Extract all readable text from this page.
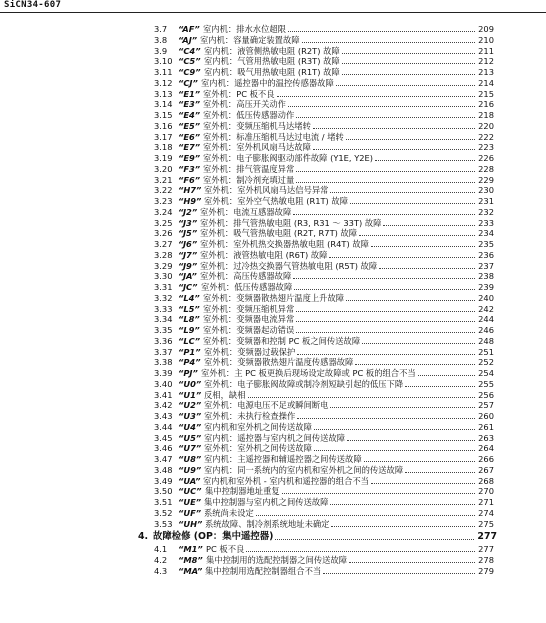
SiCN34-607
3.7 “AF” 室内机：排水水位超限	209
3.8 “AJ” 室内机：容量确定装置故障	210
3.9 “C4” 室内机：液管侧热敏电阻 (R2T) 故障	211
3.10 “C5” 室内机：气管用热敏电阻 (R3T) 故障	212
3.11 “C9” 室内机：吸气用热敏电阻 (R1T) 故障	213
3.12 “CJ” 室内机：遥控器中的温控传感器故障	214
3.13 “E1” 室外机：PC 板不良	215
3.14 “E3” 室外机：高压开关动作	216
3.15 “E4” 室外机：低压传感器动作	218
3.16 “E5” 室外机：变频压缩机马达堵转	220
3.17 “E6” 室外机：标准压缩机马达过电流 / 堵转	222
3.18 “E7” 室外机：室外机风扇马达故障	223
3.19 “E9” 室外机：电子膨胀阀驱动部件故障 (Y1E, Y2E)	226
3.20 “F3” 室外机：排气管温度异常	228
3.21 “F6” 室外机：制冷剂充填过量	229
3.22 “H7” 室外机：室外机风扇马达信号异常	230
3.23 “H9” 室外机：室外空气热敏电阻 (R1T) 故障	231
3.24 “J2” 室外机：电流互感器故障	232
3.25 “J3” 室外机：排气管热敏电阻 (R3, R31 ～ 33T) 故障	233
3.26 “J5” 室外机：吸气管热敏电阻 (R2T, R7T) 故障	234
3.27 “J6” 室外机：室外机热交换器热敏电阻 (R4T) 故障	235
3.28 “J7” 室外机：液管热敏电阻 (R6T) 故障	236
3.29 “J9” 室外机：过冷热交换器气管热敏电阻 (R5T) 故障	237
3.30 “JA” 室外机：高压传感器故障	238
3.31 “JC” 室外机：低压传感器故障	239
3.32 “L4” 室外机：变频器散热翅片温度上升故障	240
3.33 “L5” 室外机：变频压缩机异常	242
3.34 “L8” 室外机：变频器电流异常	244
3.35 “L9” 室外机：变频器起动错误	246
3.36 “LC” 室外机：变频器和控制 PC 板之间传送故障	248
3.37 “P1” 室外机：变频器过载保护	251
3.38 “P4” 室外机：变频器散热翅片温度传感器故障	252
3.39 “PJ” 室外机：主 PC 板更换后现场设定故障或 PC 板的组合不当	254
3.40 “U0” 室外机：电子膨胀阀故障或制冷剂短缺引起的低压下降	255
3.41 “U1” 反相，缺相	256
3.42 “U2” 室外机：电源电压不足或瞬间断电	257
3.43 “U3” 室外机：未执行检查操作	260
3.44 “U4” 室内机和室外机之间传送故障	261
3.45 “U5” 室内机：遥控器与室内机之间传送故障	263
3.46 “U7” 室外机：室外机之间传送故障	264
3.47 “U8” 室内机：主遥控器和辅遥控器之间传送故障	266
3.48 “U9” 室内机：同一系统内的室内机和室外机之间的传送故障	267
3.49 “UA” 室内机和室外机 - 室内机和遥控器的组合不当	268
3.50 “UC” 集中控制器地址重复	270
3.51 “UE” 集中控制器与室内机之间传送故障	271
3.52 “UF” 系统尚未设定	274
3.53 “UH” 系统故障、制冷剂系统地址未确定	275
4. 故障检修 (OP：集中遥控器)	277
4.1 “M1” PC 板不良	277
4.2 “M8” 集中控制用的选配控制器之间传送故障	278
4.3 “MA” 集中控制用选配控制器组合不当	279
